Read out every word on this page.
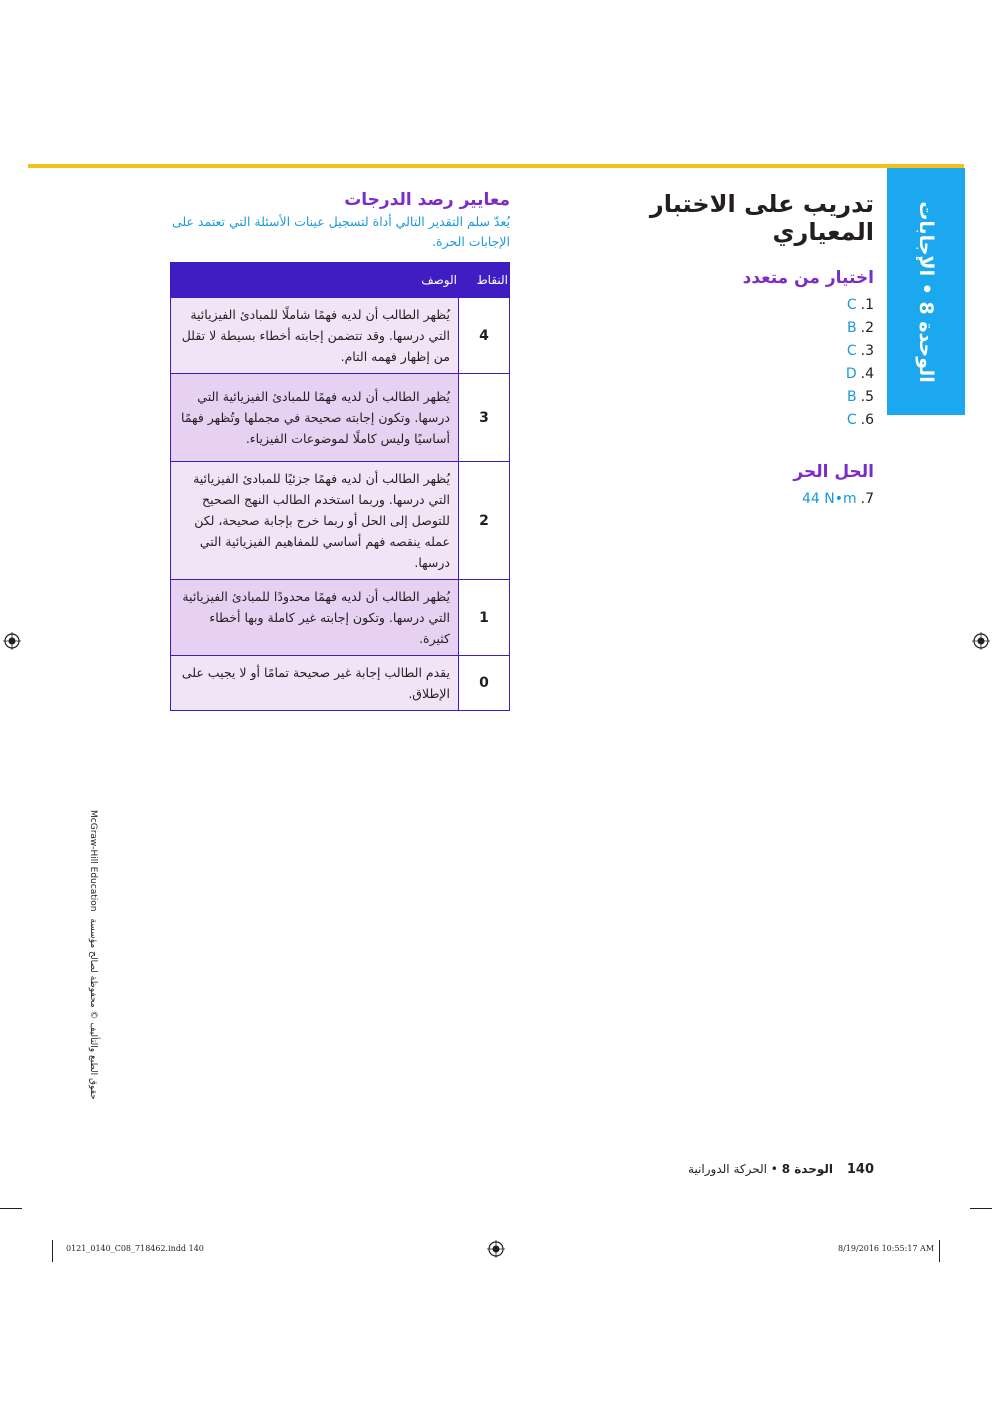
الوحدة 8 • الإجابات
تدريب على الاختبار المعياري
اختيار من متعدد
1.C
2.B
3.C
4.D
5.B
6.C
الحل الحر
7.44 N•m
معايير رصد الدرجات

يُعدّ سلم التقدير التالي أداة لتسجيل عينات الأسئلة التي تعتمد على الإجابات الحرة.

النقاط	الوصف
4	يُظهر الطالب أن لديه فهمًا شاملًا للمبادئ الفيزيائية التي درسها. وقد تتضمن إجابته أخطاء بسيطة لا تقلل من إظهار فهمه التام.
3	يُظهر الطالب أن لديه فهمًا للمبادئ الفيزيائية التي درسها. وتكون إجابته صحيحة في مجملها وتُظهر فهمًا أساسيًا وليس كاملًا لموضوعات الفيزياء.
2	يُظهر الطالب أن لديه فهمًا جزئيًا للمبادئ الفيزيائية التي درسها. وربما استخدم الطالب النهج الصحيح للتوصل إلى الحل أو ربما خرج بإجابة صحيحة، لكن عمله ينقصه فهم أساسي للمفاهيم الفيزيائية التي درسها.
1	يُظهر الطالب أن لديه فهمًا محدودًا للمبادئ الفيزيائية التي درسها. وتكون إجابته غير كاملة وبها أخطاء كثيرة.
0	يقدم الطالب إجابة غير صحيحة تمامًا أو لا يجيب على الإطلاق.
McGraw-Hill Education حقوق الطبع والتأليف © محفوظة لصالح مؤسسة
140 الوحدة 8 • الحركة الدورانية
0121_0140_C08_718462.indd 140	8/19/2016 10:55:17 AM
